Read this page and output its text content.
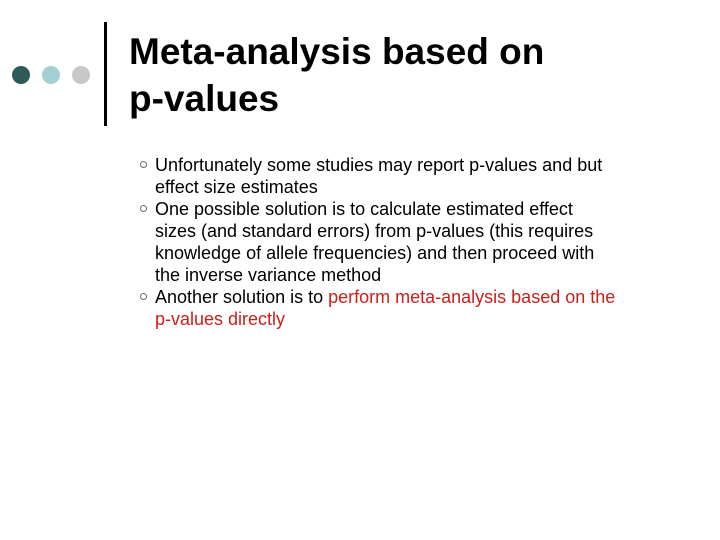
Meta-analysis based on
p-values
Unfortunately some studies may report p-values and but
effect size estimates
One possible solution is to calculate estimated effect
sizes (and standard errors) from p-values (this requires
knowledge of allele frequencies) and then proceed with
the inverse variance method
Another solution is to perform meta-analysis based on the
p-values directly
